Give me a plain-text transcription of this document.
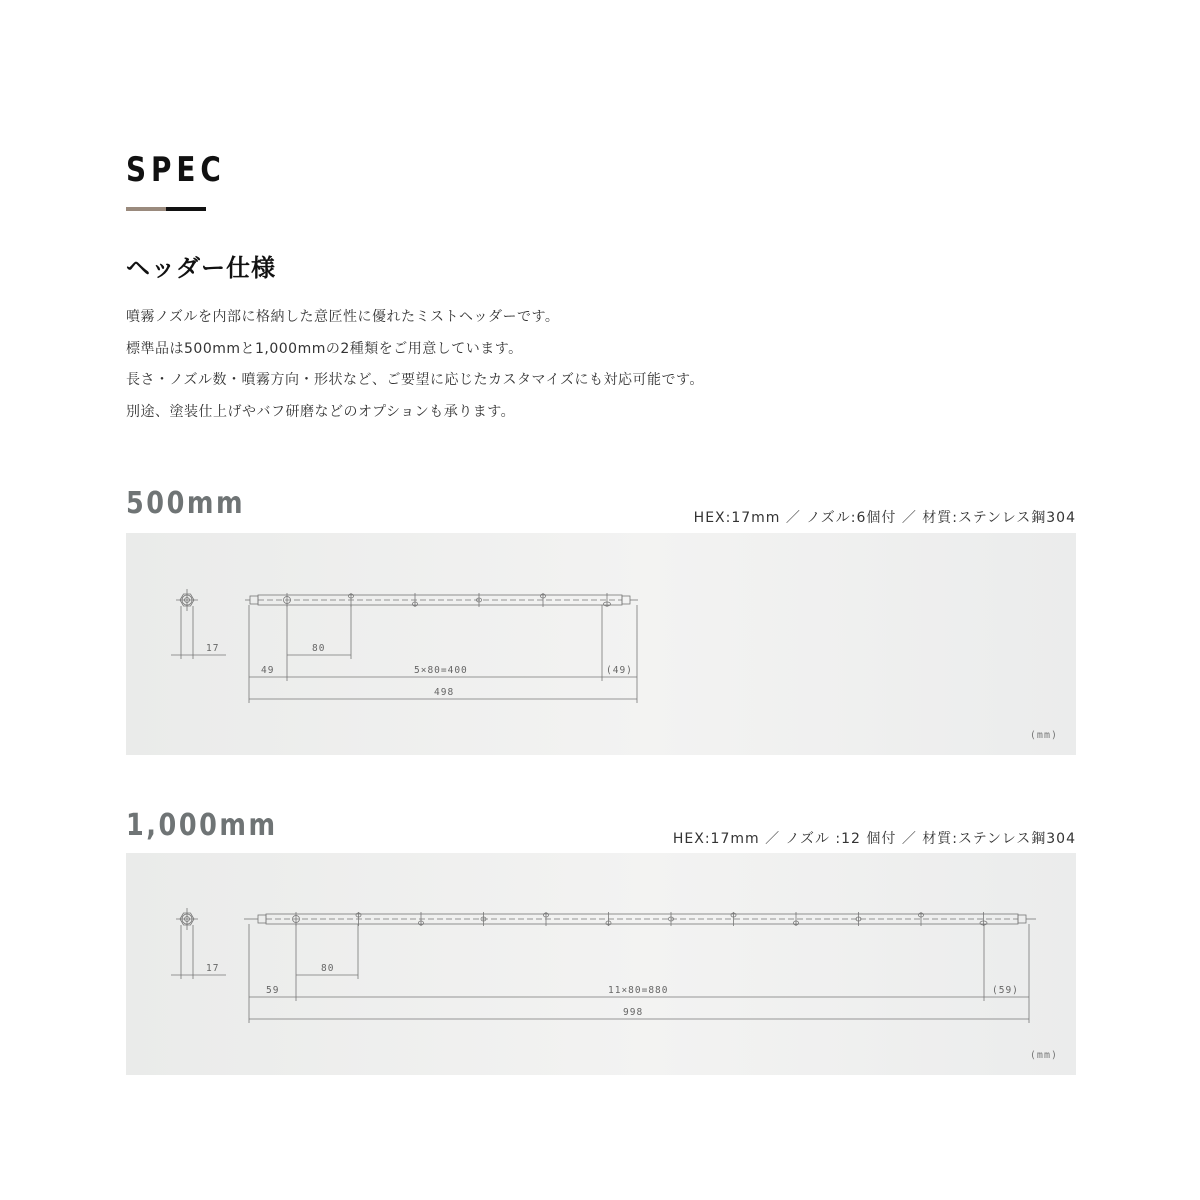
SPEC
ヘッダー仕様
噴霧ノズルを内部に格納した意匠性に優れたミストヘッダーです。
標準品は500mmと1,000mmの2種類をご用意しています。
長さ・ノズル数・噴霧方向・形状など、ご要望に応じたカスタマイズにも対応可能です。
別途、塗装仕上げやバフ研磨などのオプションも承ります。
500mm	HEX:17mm ／ ノズル:6個付 ／ 材質:ステンレス鋼304

17	80
49	5×80=400	(49)
498
(mm)
1,000mm	HEX:17mm ／ ノズル :12 個付 ／ 材質:ステンレス鋼304

17	80
59	11×80=880	(59)
998
(mm)
